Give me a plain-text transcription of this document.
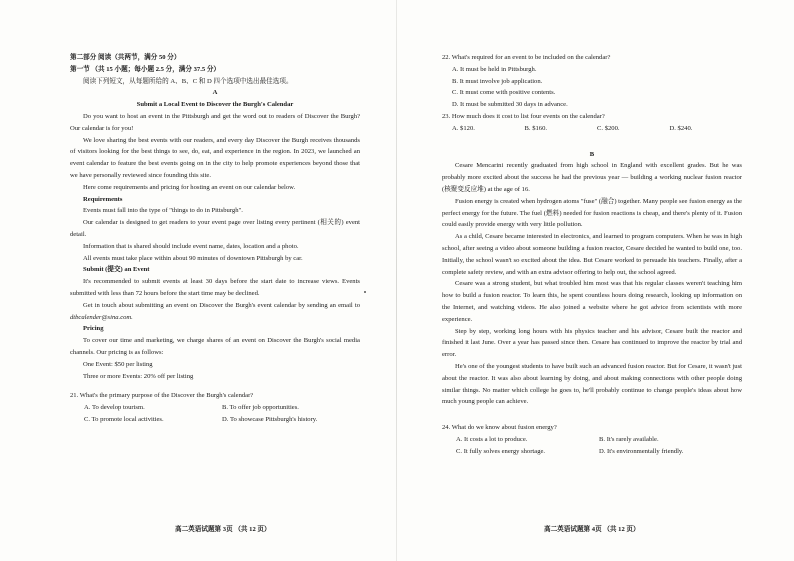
第二部分 阅读（共两节，满分 50 分）

第一节 （共 15 小题；每小题 2.5 分，满分 37.5 分）

阅读下列短文，从每题所给的 A、B、C 和 D 四个选项中选出最佳选项。

A

Submit a Local Event to Discover the Burgh's Calendar

Do you want to host an event in the Pittsburgh and get the word out to readers of Discover the Burgh? Our calendar is for you!

We love sharing the best events with our readers, and every day Discover the Burgh receives thousands of visitors looking for the best things to see, do, eat, and experience in the region. In 2023, we launched an event calendar to feature the best events going on in the city to help promote experiences beyond those that we have personally reviewed since founding this site.

Here come requirements and pricing for hosting an event on our calendar below.

Requirements

Events must fall into the type of "things to do in Pittsburgh".

Our calendar is designed to get readers to your event page over listing every pertinent (相关的) event detail.

Information that is shared should include event name, dates, location and a photo.

All events must take place within about 90 minutes of downtown Pittsburgh by car.

Submit (提交) an Event

It's recommended to submit events at least 30 days before the start date to increase views. Events submitted with less than 72 hours before the start time may be declined.

Get in touch about submitting an event on Discover the Burgh's event calendar by sending an email to dtbcalender@sina.com.

Pricing

To cover our time and marketing, we charge shares of an event on Discover the Burgh's social media channels. Our pricing is as follows:

One Event: $50 per listing

Three or more Events: 20% off per listing

21. What's the primary purpose of the Discover the Burgh's calendar?

A. To develop tourism.	B. To offer job opportunities.
C. To promote local activities.	D. To showcase Pittsburgh's history.
高二英语试题第 3页 （共 12 页）

22. What's required for an event to be included on the calendar?

A. It must be held in Pittsburgh.

B. It must involve job application.

C. It must come with positive contents.

D. It must be submitted 30 days in advance.

23. How much does it cost to list four events on the calendar?

A. $120.	B. $160.	C. $200.	D. $240.

B

Cesare Mencarini recently graduated from high school in England with excellent grades. But he was probably more excited about the success he had the previous year — building a working nuclear fusion reactor (核聚变反应堆) at the age of 16.

Fusion energy is created when hydrogen atoms "fuse" (融合) together. Many people see fusion energy as the perfect energy for the future. The fuel (燃料) needed for fusion reactions is cheap, and there's plenty of it. Fusion could easily provide energy with very little pollution.

As a child, Cesare became interested in electronics, and learned to program computers. When he was in high school, after seeing a video about someone building a fusion reactor, Cesare decided he wanted to build one, too. Initially, the school wasn't so excited about the idea. But Cesare worked to persuade his teachers. Finally, after a complete safety review, and with an extra advisor offering to help out, the school agreed.

Cesare was a strong student, but what troubled him most was that his regular classes weren't teaching him how to build a fusion reactor. To learn this, he spent countless hours doing research, looking up information on the Internet, and watching videos. He also joined a website where he got advice from scientists with more experience.

Step by step, working long hours with his physics teacher and his advisor, Cesare built the reactor and finished it last June. Over a year has passed since then. Cesare has continued to improve the reactor by trial and error.

He's one of the youngest students to have built such an advanced fusion reactor. But for Cesare, it wasn't just about the reactor. It was also about learning by doing, and about making connections with other people doing similar things. No matter which college he goes to, he'll probably continue to change people's ideas about how much young people can achieve.

24. What do we know about fusion energy?

A. It costs a lot to produce.	B. It's rarely available.
C. It fully solves energy shortage.	D. It's environmentally friendly.
高二英语试题第 4页 （共 12 页）
